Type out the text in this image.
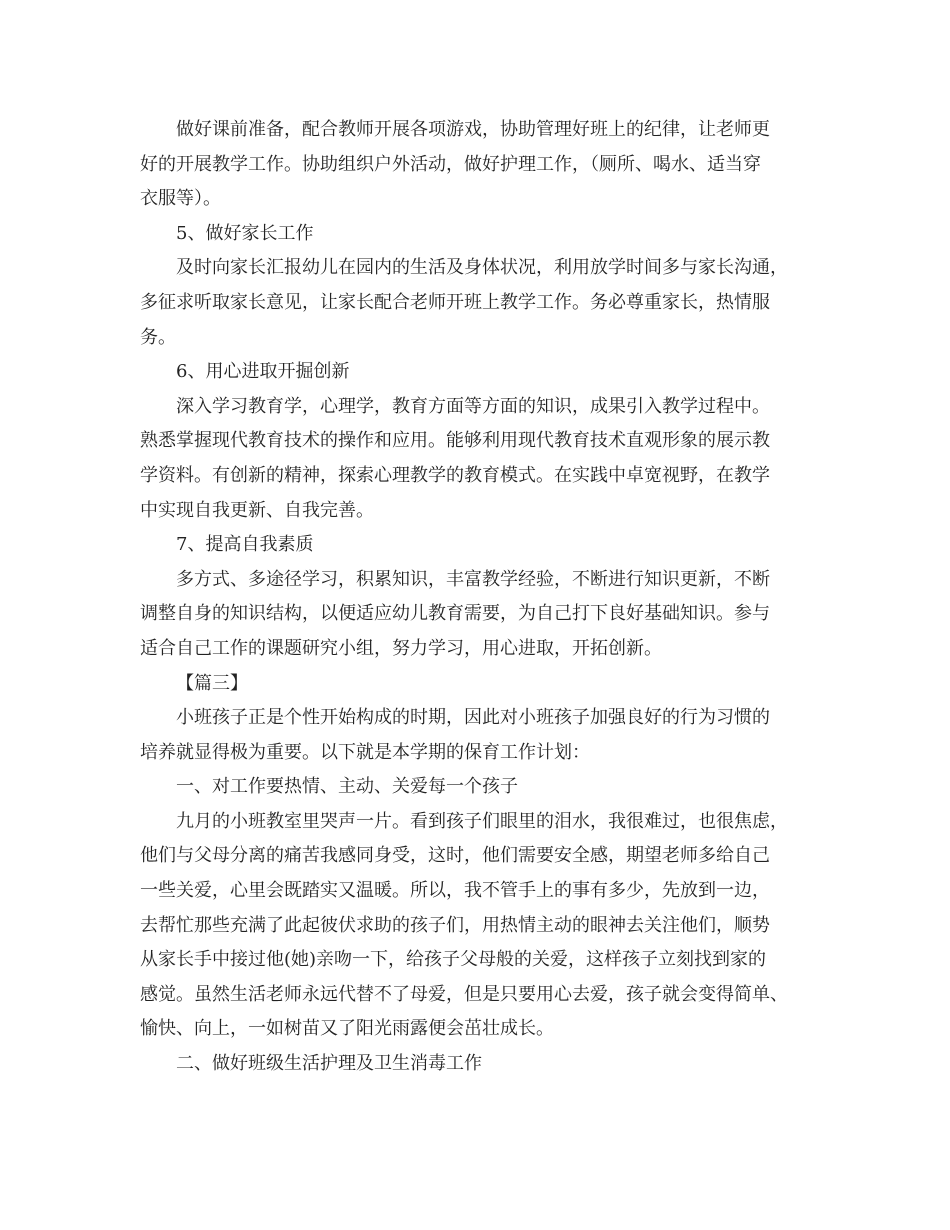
做好课前准备，配合教师开展各项游戏，协助管理好班上的纪律，让老师更
好的开展教学工作。协助组织户外活动，做好护理工作，（厕所、喝水、适当穿
衣服等）。
5、做好家长工作
及时向家长汇报幼儿在园内的生活及身体状况，利用放学时间多与家长沟通，
多征求听取家长意见，让家长配合老师开班上教学工作。务必尊重家长，热情服
务。
6、用心进取开掘创新
深入学习教育学，心理学，教育方面等方面的知识，成果引入教学过程中。
熟悉掌握现代教育技术的操作和应用。能够利用现代教育技术直观形象的展示教
学资料。有创新的精神，探索心理教学的教育模式。在实践中卓宽视野，在教学
中实现自我更新、自我完善。
7、提高自我素质
多方式、多途径学习，积累知识，丰富教学经验，不断进行知识更新，不断
调整自身的知识结构，以便适应幼儿教育需要，为自己打下良好基础知识。参与
适合自己工作的课题研究小组，努力学习，用心进取，开拓创新。
【篇三】
小班孩子正是个性开始构成的时期，因此对小班孩子加强良好的行为习惯的
培养就显得极为重要。以下就是本学期的保育工作计划：
一、对工作要热情、主动、关爱每一个孩子
九月的小班教室里哭声一片。看到孩子们眼里的泪水，我很难过，也很焦虑，
他们与父母分离的痛苦我感同身受，这时，他们需要安全感，期望老师多给自己
一些关爱，心里会既踏实又温暖。所以，我不管手上的事有多少，先放到一边，
去帮忙那些充满了此起彼伏求助的孩子们，用热情主动的眼神去关注他们，顺势
从家长手中接过他(她)亲吻一下，给孩子父母般的关爱，这样孩子立刻找到家的
感觉。虽然生活老师永远代替不了母爱，但是只要用心去爱，孩子就会变得简单、
愉快、向上，一如树苗又了阳光雨露便会茁壮成长。
二、做好班级生活护理及卫生消毒工作
